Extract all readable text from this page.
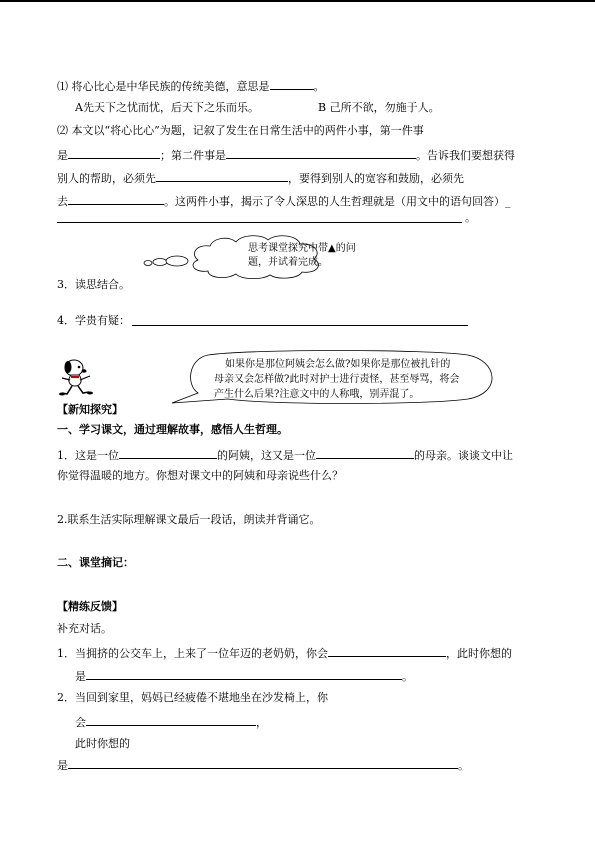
⑴ 将心比心是中华民族的传统美德，意思是	。
A先天下之忧而忧，后天下之乐而乐。	B 己所不欲，勿施于人。
⑵ 本文以“将心比心”为题，记叙了发生在日常生活中的两件小事，第一件事
是	；第二件事是	。告诉我们要想获得
别人的帮助，必须先	，要得到别人的宽容和鼓励，必须先
去	。这两件小事，揭示了令人深思的人生哲理就是（用文中的语句回答）_
。
思考课堂探究中带▲的问
题，并试着完成。
3．读思结合。
4．学贵有疑：
如果你是那位阿姨会怎么做?如果你是那位被扎针的
母亲又会怎样做?此时对护士进行责怪，甚至辱骂，将会
产生什么后果?注意文中的人称哦，别弄混了。
【新知探究】
一、学习课文，通过理解故事，感悟人生哲理。
1．这是一位	的阿姨，这又是一位	的母亲。谈谈文中让
你觉得温暖的地方。你想对课文中的阿姨和母亲说些什么？
2.联系生活实际理解课文最后一段话，朗读并背诵它。
二、课堂摘记：
【精练反馈】
补充对话。
1．当拥挤的公交车上，上来了一位年迈的老奶奶，你会	，此时你想的
是	。
2．当回到家里，妈妈已经疲倦不堪地坐在沙发椅上，你
会	，
此时你想的
是	。
